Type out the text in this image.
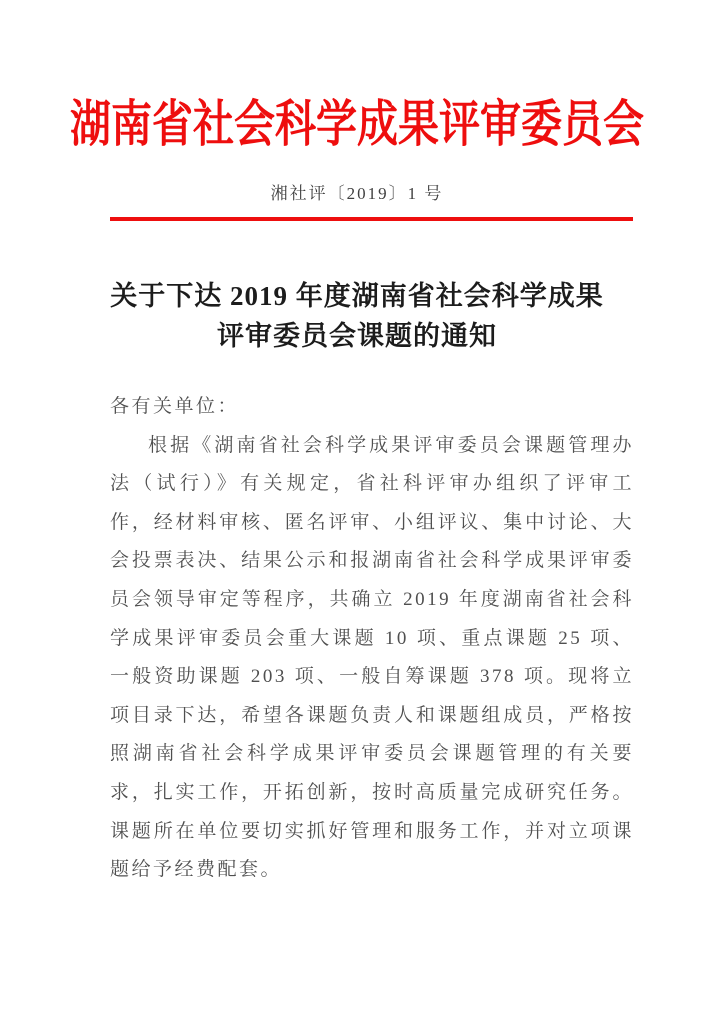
湖南省社会科学成果评审委员会
湘社评〔2019〕1 号
关于下达 2019 年度湖南省社会科学成果
评审委员会课题的通知
各有关单位：

根据《湖南省社会科学成果评审委员会课题管理办法（试行）》有关规定，省社科评审办组织了评审工作，经材料审核、匿名评审、小组评议、集中讨论、大会投票表决、结果公示和报湖南省社会科学成果评审委员会领导审定等程序，共确立 2019 年度湖南省社会科学成果评审委员会重大课题 10 项、重点课题 25 项、一般资助课题 203 项、一般自筹课题 378 项。现将立项目录下达，希望各课题负责人和课题组成员，严格按照湖南省社会科学成果评审委员会课题管理的有关要求，扎实工作，开拓创新，按时高质量完成研究任务。课题所在单位要切实抓好管理和服务工作，并对立项课题给予经费配套。
